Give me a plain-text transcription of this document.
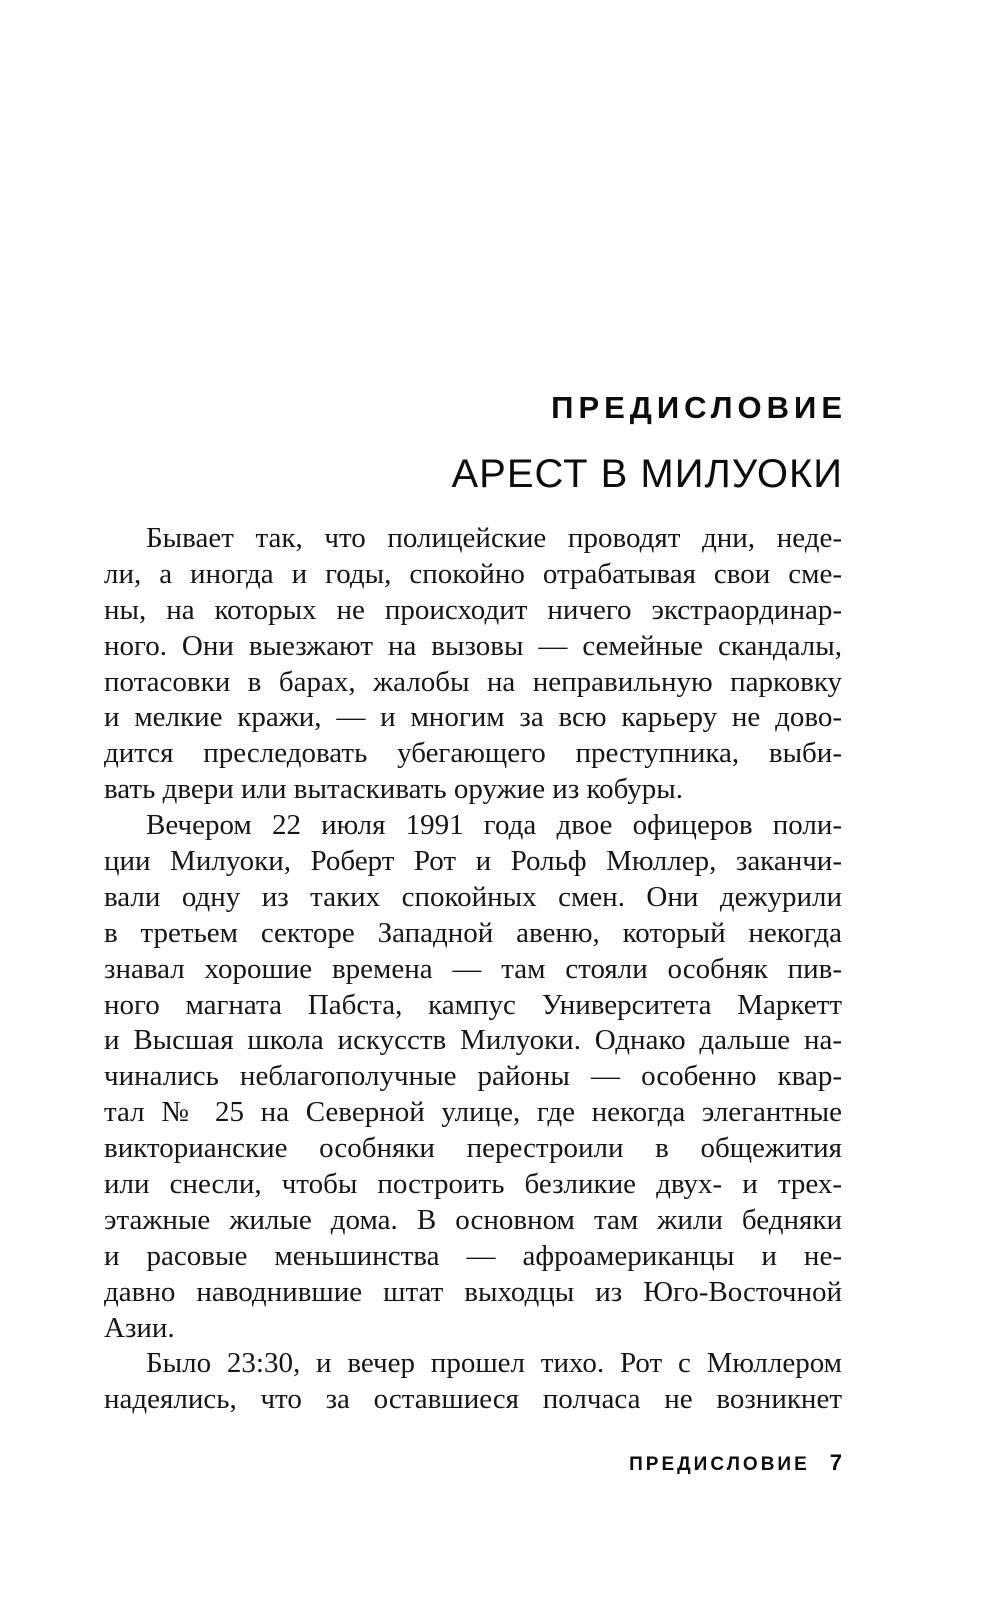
ПРЕДИСЛОВИЕ
АРЕСТ В МИЛУОКИ
Бывает так, что полицейские проводят дни, неде-
ли, а иногда и годы, спокойно отрабатывая свои сме-
ны, на которых не происходит ничего экстраординар-
ного. Они выезжают на вызовы — семейные скандалы,
потасовки в барах, жалобы на неправильную парковку
и мелкие кражи, — и многим за всю карьеру не дово-
дится преследовать убегающего преступника, выби-
вать двери или вытаскивать оружие из кобуры.
Вечером 22 июля 1991 года двое офицеров поли-
ции Милуоки, Роберт Рот и Рольф Мюллер, заканчи-
вали одну из таких спокойных смен. Они дежурили
в третьем секторе Западной авеню, который некогда
знавал хорошие времена — там стояли особняк пив-
ного магната Пабста, кампус Университета Маркетт
и Высшая школа искусств Милуоки. Однако дальше на-
чинались неблагополучные районы — особенно квар-
тал № 25 на Северной улице, где некогда элегантные
викторианские особняки перестроили в общежития
или снесли, чтобы построить безликие двух- и трех-
этажные жилые дома. В основном там жили бедняки
и расовые меньшинства — афроамериканцы и не-
давно наводнившие штат выходцы из Юго-Восточной
Азии.
Было 23:30, и вечер прошел тихо. Рот с Мюллером
надеялись, что за оставшиеся полчаса не возникнет
ПРЕДИСЛОВИЕ 7
